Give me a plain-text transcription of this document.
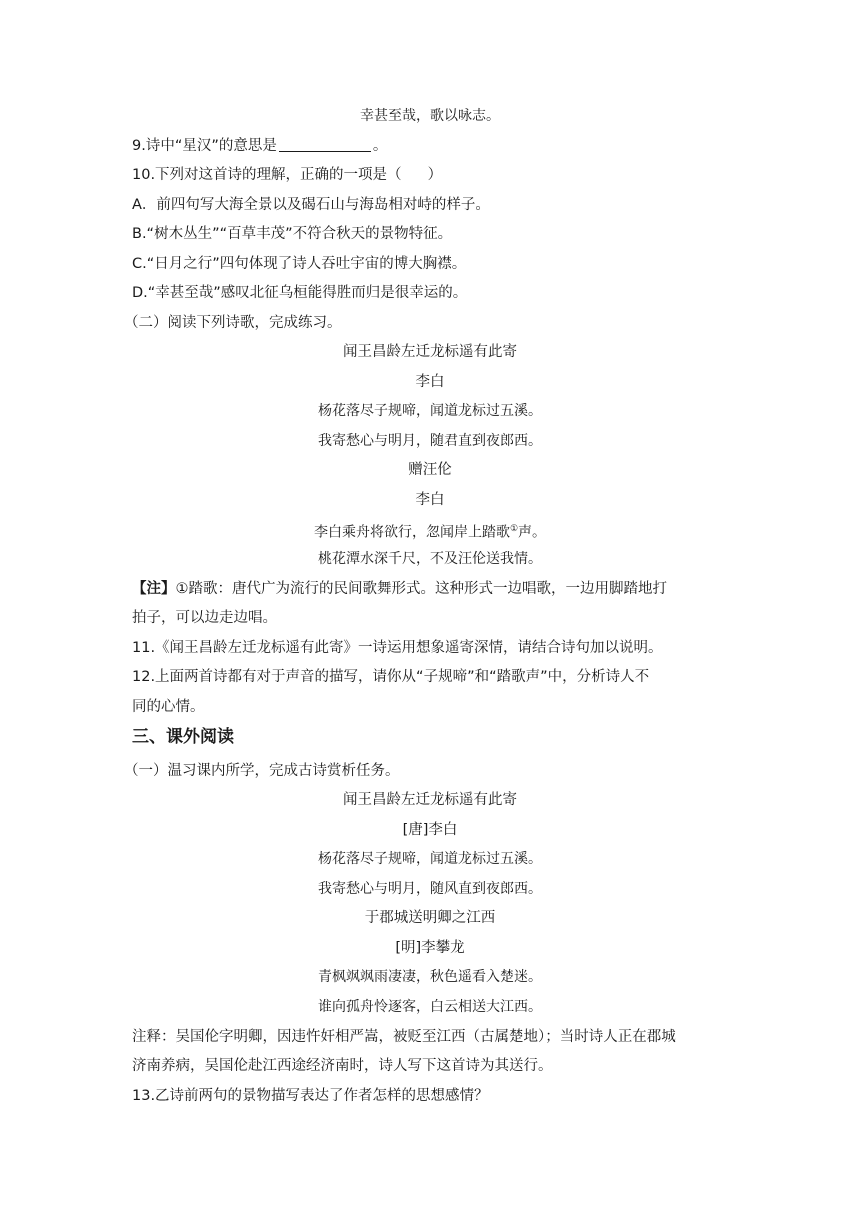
幸甚至哉，歌以咏志。
9.诗中“星汉”的意思是	。
10.下列对这首诗的理解，正确的一项是（ ）
A．前四句写大海全景以及碣石山与海岛相对峙的样子。
B.“树木丛生”“百草丰茂”不符合秋天的景物特征。
C.“日月之行”四句体现了诗人吞吐宇宙的博大胸襟。
D.“幸甚至哉”感叹北征乌桓能得胜而归是很幸运的。
（二）阅读下列诗歌，完成练习。
闻王昌龄左迁龙标遥有此寄
李白
杨花落尽子规啼，闻道龙标过五溪。
我寄愁心与明月，随君直到夜郎西。
赠汪伦
李白
李白乘舟将欲行，忽闻岸上踏歌①声。
桃花潭水深千尺，不及汪伦送我情。
【注】①踏歌：唐代广为流行的民间歌舞形式。这种形式一边唱歌，一边用脚踏地打
拍子，可以边走边唱。
11.《闻王昌龄左迁龙标遥有此寄》一诗运用想象遥寄深情，请结合诗句加以说明。
12.上面两首诗都有对于声音的描写，请你从“子规啼”和“踏歌声”中，分析诗人不
同的心情。
三、课外阅读
（一）温习课内所学，完成古诗赏析任务。
闻王昌龄左迁龙标遥有此寄
[唐]李白
杨花落尽子规啼，闻道龙标过五溪。
我寄愁心与明月，随风直到夜郎西。
于郡城送明卿之江西
[明]李攀龙
青枫飒飒雨凄凄，秋色遥看入楚迷。
谁向孤舟怜逐客，白云相送大江西。
注释：吴国伦字明卿，因违忤奸相严嵩，被贬至江西（古属楚地）；当时诗人正在郡城
济南养病，吴国伦赴江西途经济南时，诗人写下这首诗为其送行。
13.乙诗前两句的景物描写表达了作者怎样的思想感情？
